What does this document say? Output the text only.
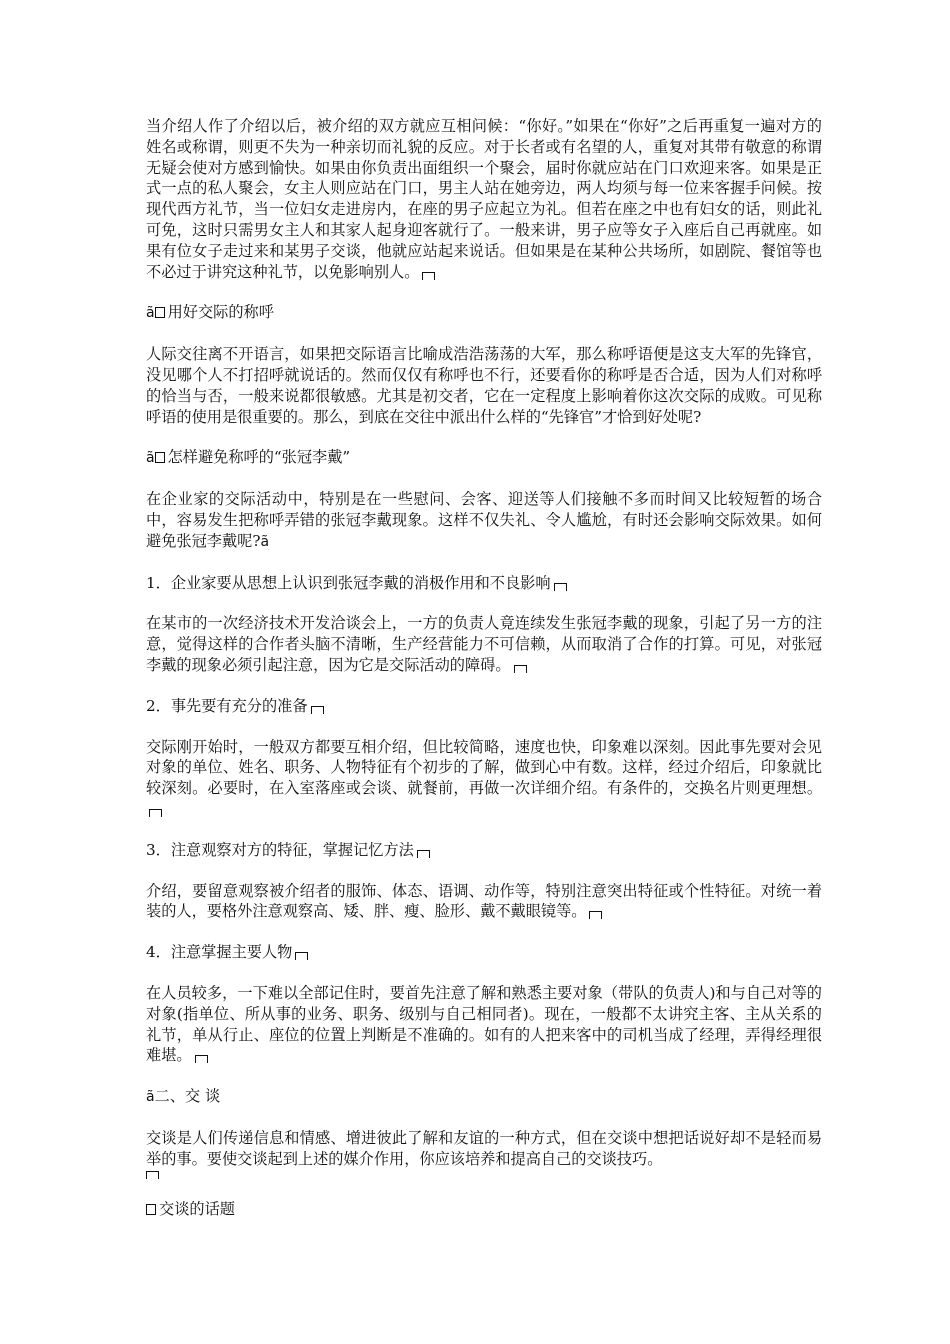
当介绍人作了介绍以后，被介绍的双方就应互相问候：“你好。”如果在“你好”之后再重复一遍对方的姓名或称谓，则更不失为一种亲切而礼貌的反应。对于长者或有名望的人，重复对其带有敬意的称谓无疑会使对方感到愉快。如果由你负责出面组织一个聚会，届时你就应站在门口欢迎来客。如果是正式一点的私人聚会，女主人则应站在门口，男主人站在她旁边，两人均须与每一位来客握手问候。按现代西方礼节，当一位妇女走进房内，在座的男子应起立为礼。但若在座之中也有妇女的话，则此礼可免，这时只需男女主人和其家人起身迎客就行了。一般来讲，男子应等女子入座后自己再就座。如果有位女子走过来和某男子交谈，他就应站起来说话。但如果是在某种公共场所，如剧院、餐馆等也不必过于讲究这种礼节，以免影响别人。

ã 用好交际的称呼

人际交往离不开语言，如果把交际语言比喻成浩浩荡荡的大军，那么称呼语便是这支大军的先锋官，没见哪个人不打招呼就说话的。然而仅仅有称呼也不行，还要看你的称呼是否合适，因为人们对称呼的恰当与否，一般来说都很敏感。尤其是初交者，它在一定程度上影响着你这次交际的成败。可见称呼语的使用是很重要的。那么，到底在交往中派出什么样的“先锋官”才恰到好处呢?

ã 怎样避免称呼的“张冠李戴”

在企业家的交际活动中，特别是在一些慰问、会客、迎送等人们接触不多而时间又比较短暂的场合中，容易发生把称呼弄错的张冠李戴现象。这样不仅失礼、令人尴尬，有时还会影响交际效果。如何避免张冠李戴呢?ã

1．企业家要从思想上认识到张冠李戴的消极作用和不良影响

在某市的一次经济技术开发洽谈会上，一方的负责人竟连续发生张冠李戴的现象，引起了另一方的注意，觉得这样的合作者头脑不清晰，生产经营能力不可信赖，从而取消了合作的打算。可见，对张冠李戴的现象必须引起注意，因为它是交际活动的障碍。

2．事先要有充分的准备

交际刚开始时，一般双方都要互相介绍，但比较简略，速度也快，印象难以深刻。因此事先要对会见对象的单位、姓名、职务、人物特征有个初步的了解，做到心中有数。这样，经过介绍后，印象就比较深刻。必要时，在入室落座或会谈、就餐前，再做一次详细介绍。有条件的，交换名片则更理想。

3．注意观察对方的特征，掌握记忆方法

介绍，要留意观察被介绍者的服饰、体态、语调、动作等，特别注意突出特征或个性特征。对统一着装的人，要格外注意观察高、矮、胖、瘦、脸形、戴不戴眼镜等。

4．注意掌握主要人物

在人员较多，一下难以全部记住时，要首先注意了解和熟悉主要对象（带队的负责人)和与自己对等的对象(指单位、所从事的业务、职务、级别与自己相同者)。现在，一般都不太讲究主客、主从关系的礼节，单从行止、座位的位置上判断是不准确的。如有的人把来客中的司机当成了经理，弄得经理很难堪。

ã二、交 谈

交谈是人们传递信息和情感、增进彼此了解和友谊的一种方式，但在交谈中想把话说好却不是轻而易举的事。要使交谈起到上述的媒介作用，你应该培养和提高自己的交谈技巧。

交谈的话题
